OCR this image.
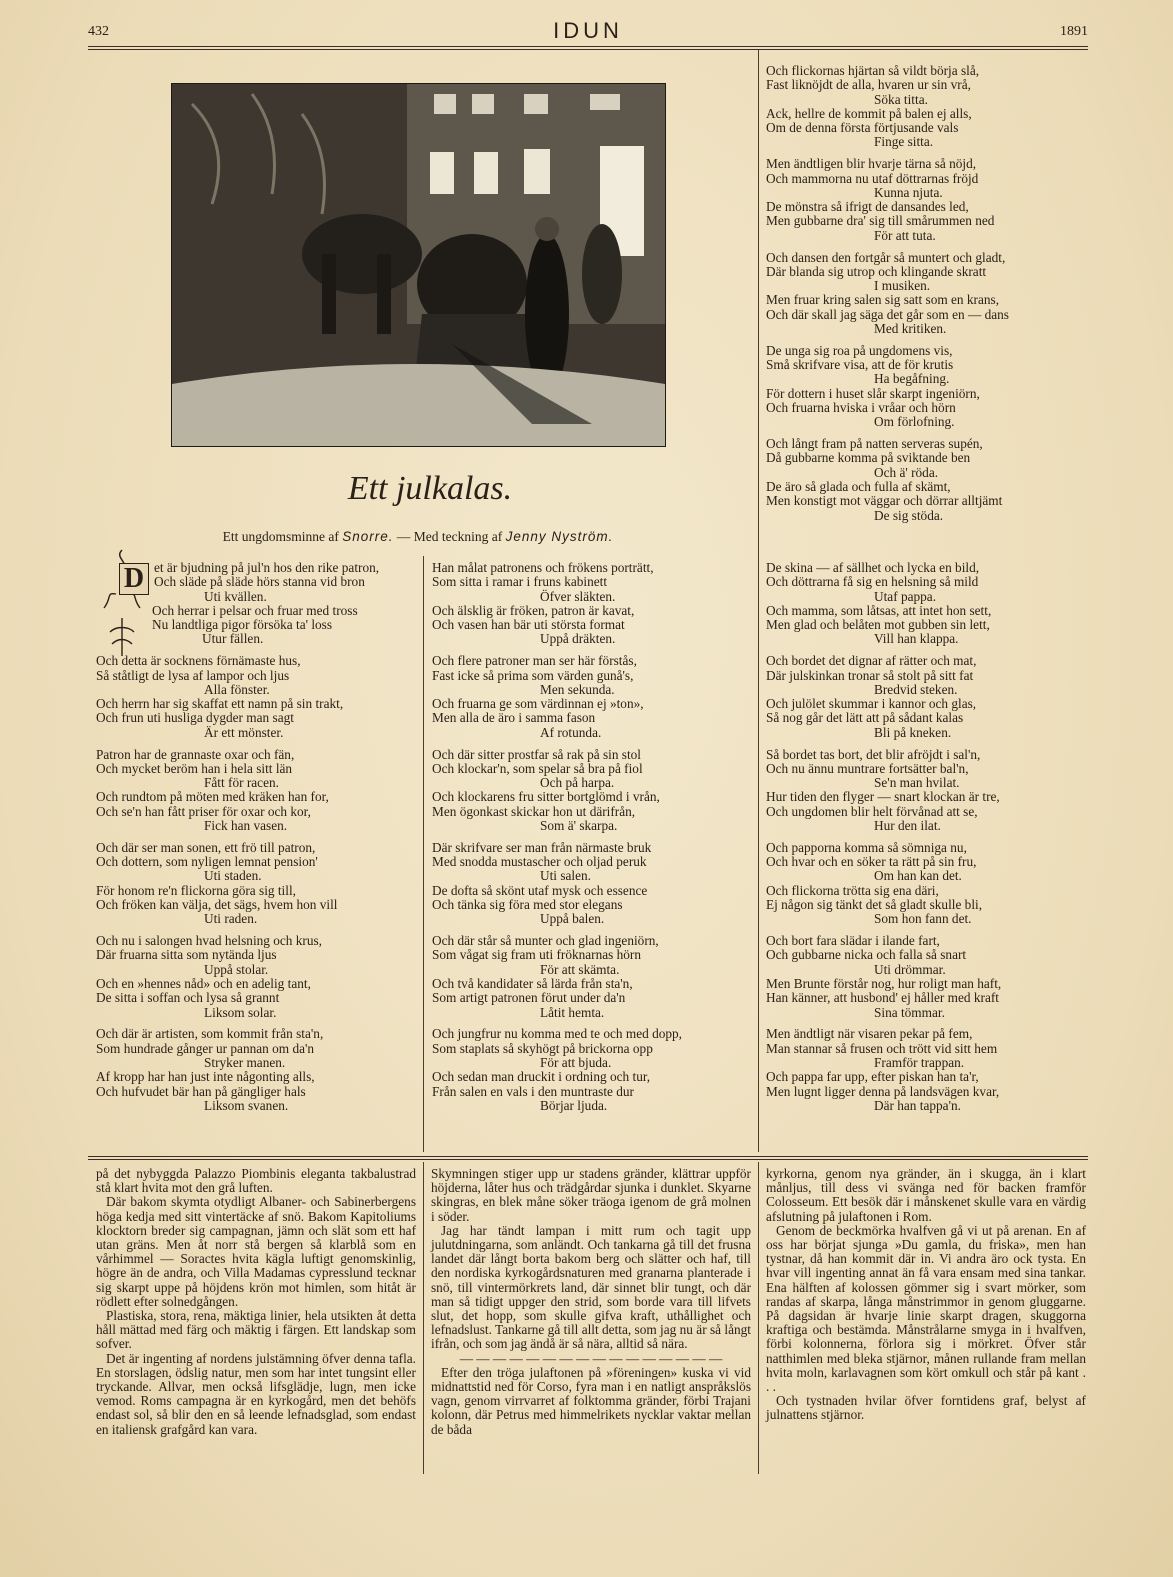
432	IDUN	1891
Ett julkalas.
Ett ungdomsminne af Snorre. — Med teckning af Jenny Nyström.
D et är bjudning på jul'n hos den rike patron,
Och släde på släde hörs stanna vid bron
Uti kvällen.
Och herrar i pelsar och fruar med tross
Nu landtliga pigor försöka ta' loss
Utur fällen.
Och detta är socknens förnämaste hus,
Så ståtligt de lysa af lampor och ljus
Alla fönster.
Och herrn har sig skaffat ett namn på sin trakt,
Och frun uti husliga dygder man sagt
Är ett mönster.
Patron har de grannaste oxar och fän,
Och mycket beröm han i hela sitt län
Fått för racen.
Och rundtom på möten med kräken han for,
Och se'n han fått priser för oxar och kor,
Fick han vasen.
Och där ser man sonen, ett frö till patron,
Och dottern, som nyligen lemnat pension'
Uti staden.
För honom re'n flickorna göra sig till,
Och fröken kan välja, det sägs, hvem hon vill
Uti raden.
Och nu i salongen hvad helsning och krus,
Där fruarna sitta som nytända ljus
Uppå stolar.
Och en »hennes nåd» och en adelig tant,
De sitta i soffan och lysa så grannt
Liksom solar.
Och där är artisten, som kommit från sta'n,
Som hundrade gånger ur pannan om da'n
Stryker manen.
Af kropp har han just inte någonting alls,
Och hufvudet bär han på gängliger hals
Liksom svanen.
Han målat patronens och frökens porträtt,
Som sitta i ramar i fruns kabinett
Öfver släkten.
Och älsklig är fröken, patron är kavat,
Och vasen han bär uti största format
Uppå dräkten.
Och flere patroner man ser här förstås,
Fast icke så prima som värden gunå's,
Men sekunda.
Och fruarna ge som värdinnan ej »ton»,
Men alla de äro i samma fason
Af rotunda.
Och där sitter prostfar så rak på sin stol
Och klockar'n, som spelar så bra på fiol
Och på harpa.
Och klockarens fru sitter bortglömd i vrån,
Men ögonkast skickar hon ut därifrån,
Som ä' skarpa.
Där skrifvare ser man från närmaste bruk
Med snodda mustascher och oljad peruk
Uti salen.
De dofta så skönt utaf mysk och essence
Och tänka sig föra med stor elegans
Uppå balen.
Och där står så munter och glad ingeniörn,
Som vågat sig fram uti fröknarnas hörn
För att skämta.
Och två kandidater så lärda från sta'n,
Som artigt patronen förut under da'n
Låtit hemta.
Och jungfrur nu komma med te och med dopp,
Som staplats så skyhögt på brickorna opp
För att bjuda.
Och sedan man druckit i ordning och tur,
Från salen en vals i den muntraste dur
Börjar ljuda.
Och flickornas hjärtan så vildt börja slå,
Fast liknöjdt de alla, hvaren ur sin vrå,
Söka titta.
Ack, hellre de kommit på balen ej alls,
Om de denna första förtjusande vals
Finge sitta.
Men ändtligen blir hvarje tärna så nöjd,
Och mammorna nu utaf döttrarnas fröjd
Kunna njuta.
De mönstra så ifrigt de dansandes led,
Men gubbarne dra' sig till smårummen ned
För att tuta.
Och dansen den fortgår så muntert och gladt,
Där blanda sig utrop och klingande skratt
I musiken.
Men fruar kring salen sig satt som en krans,
Och där skall jag säga det går som en — dans
Med kritiken.
De unga sig roa på ungdomens vis,
Små skrifvare visa, att de för krutis
Ha begåfning.
För dottern i huset slår skarpt ingeniörn,
Och fruarna hviska i vråar och hörn
Om förlofning.
Och långt fram på natten serveras supén,
Då gubbarne komma på sviktande ben
Och ä' röda.
De äro så glada och fulla af skämt,
Men konstigt mot väggar och dörrar alltjämt
De sig stöda.
De skina — af sällhet och lycka en bild,
Och döttrarna få sig en helsning så mild
Utaf pappa.
Och mamma, som låtsas, att intet hon sett,
Men glad och belåten mot gubben sin lett,
Vill han klappa.
Och bordet det dignar af rätter och mat,
Där julskinkan tronar så stolt på sitt fat
Bredvid steken.
Och julölet skummar i kannor och glas,
Så nog går det lätt att på sådant kalas
Bli på kneken.
Så bordet tas bort, det blir afröjdt i sal'n,
Och nu ännu muntrare fortsätter bal'n,
Se'n man hvilat.
Hur tiden den flyger — snart klockan är tre,
Och ungdomen blir helt förvånad att se,
Hur den ilat.
Och papporna komma så sömniga nu,
Och hvar och en söker ta rätt på sin fru,
Om han kan det.
Och flickorna trötta sig ena däri,
Ej någon sig tänkt det så gladt skulle bli,
Som hon fann det.
Och bort fara slädar i ilande fart,
Och gubbarne nicka och falla så snart
Uti drömmar.
Men Brunte förstår nog, hur roligt man haft,
Han känner, att husbond' ej håller med kraft
Sina tömmar.
Men ändtligt när visaren pekar på fem,
Man stannar så frusen och trött vid sitt hem
Framför trappan.
Och pappa far upp, efter piskan han ta'r,
Men lugnt ligger denna på landsvägen kvar,
Där han tappa'n.

på det nybyggda Palazzo Piombinis eleganta takbalustrad stå klart hvita mot den grå luften.

Där bakom skymta otydligt Albaner- och Sabinerbergens höga kedja med sitt vintertäcke af snö. Bakom Kapitoliums klocktorn breder sig campagnan, jämn och slät som ett haf utan gräns. Men åt norr stå bergen så klarblå som en vårhimmel — Soractes hvita kägla luftigt genomskinlig, högre än de andra, och Villa Madamas cypresslund tecknar sig skarpt uppe på höjdens krön mot himlen, som hitåt är rödlett efter solnedgången.

Plastiska, stora, rena, mäktiga linier, hela utsikten åt detta håll mättad med färg och mäktig i färgen. Ett landskap som sofver.

Det är ingenting af nordens julstämning öfver denna tafla. En storslagen, ödslig natur, men som har intet tungsint eller tryckande. Allvar, men också lifsglädje, lugn, men icke vemod. Roms campagna är en kyrkogård, men det behöfs endast sol, så blir den en så leende lefnadsglad, som endast en italiensk grafgård kan vara.

Skymningen stiger upp ur stadens gränder, klättrar uppför höjderna, låter hus och trädgårdar sjunka i dunklet. Skyarne skingras, en blek måne söker träoga igenom de grå molnen i söder.

Jag har tändt lampan i mitt rum och tagit upp julutdningarna, som anländt. Och tankarna gå till det frusna landet där långt borta bakom berg och slätter och haf, till den nordiska kyrkogårdsnaturen med granarna planterade i snö, till vintermörkrets land, där sinnet blir tungt, och där man så tidigt uppger den strid, som borde vara till lifvets slut, det hopp, som skulle gifva kraft, uthållighet och lefnadslust. Tankarne gå till allt detta, som jag nu är så långt ifrån, och som jag ändå är så nära, alltid så nära.

— — — — — — — — — — — — — — — —

Efter den tröga julaftonen på »föreningen» kuska vi vid midnattstid ned för Corso, fyra man i en natligt anspråkslös vagn, genom virrvarret af folktomma gränder, förbi Trajani kolonn, där Petrus med himmelrikets nycklar vaktar mellan de båda

kyrkorna, genom nya gränder, än i skugga, än i klart månljus, till dess vi svänga ned för backen framför Colosseum. Ett besök där i månskenet skulle vara en värdig afslutning på julaftonen i Rom.

Genom de beckmörka hvalfven gå vi ut på arenan. En af oss har börjat sjunga »Du gamla, du friska», men han tystnar, då han kommit där in. Vi andra äro ock tysta. En hvar vill ingenting annat än få vara ensam med sina tankar. Ena hälften af kolossen gömmer sig i svart mörker, som randas af skarpa, långa månstrimmor in genom gluggarne. På dagsidan är hvarje linie skarpt dragen, skuggorna kraftiga och bestämda. Månstrålarne smyga in i hvalfven, förbi kolonnerna, förlora sig i mörkret. Öfver står natthimlen med bleka stjärnor, månen rullande fram mellan hvita moln, karlavagnen som kört omkull och står på kant . . .

Och tystnaden hvilar öfver forntidens graf, belyst af julnattens stjärnor.
